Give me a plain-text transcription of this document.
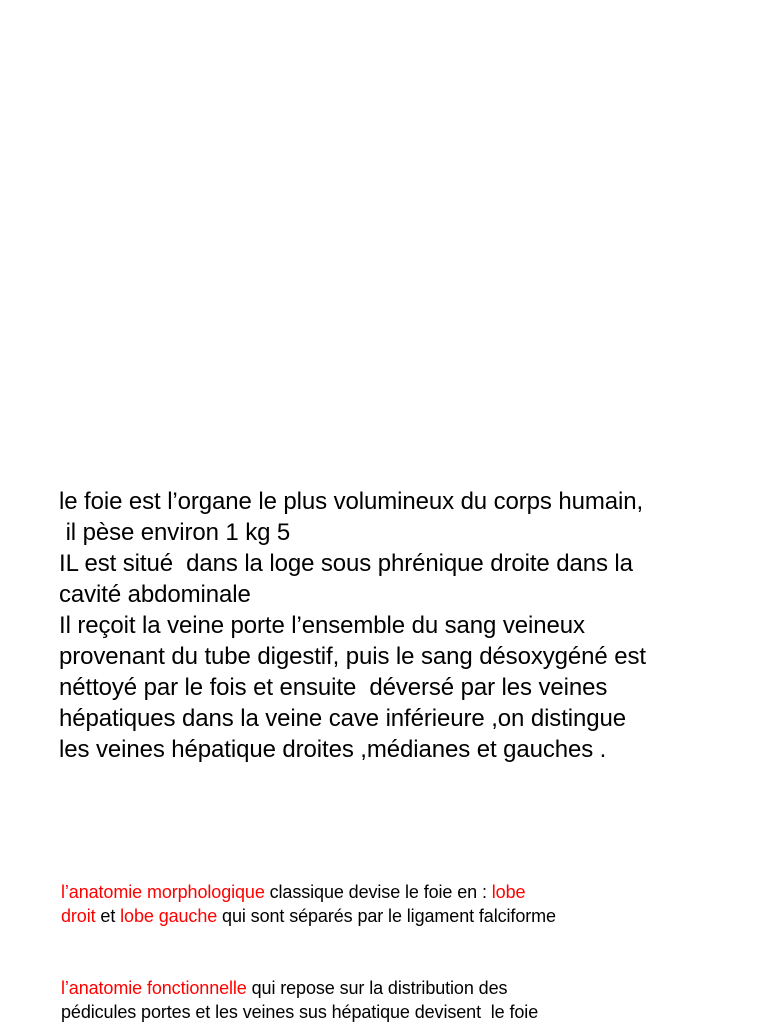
le foie est l’organe le plus volumineux du corps humain,
il pèse environ 1 kg 5
IL est situé  dans la loge sous phrénique droite dans la
cavité abdominale
Il reçoit la veine porte l’ensemble du sang veineux
provenant du tube digestif, puis le sang désoxygéné est
néttoyé par le fois et ensuite  déversé par les veines
hépatiques dans la veine cave inférieure ,on distingue
les veines hépatique droites ,médianes et gauches .
l’anatomie morphologique classique devise le foie en : lobe
droit et lobe gauche qui sont séparés par le ligament falciforme
l’anatomie fonctionnelle qui repose sur la distribution des
pédicules portes et les veines sus hépatique devisent  le foie
